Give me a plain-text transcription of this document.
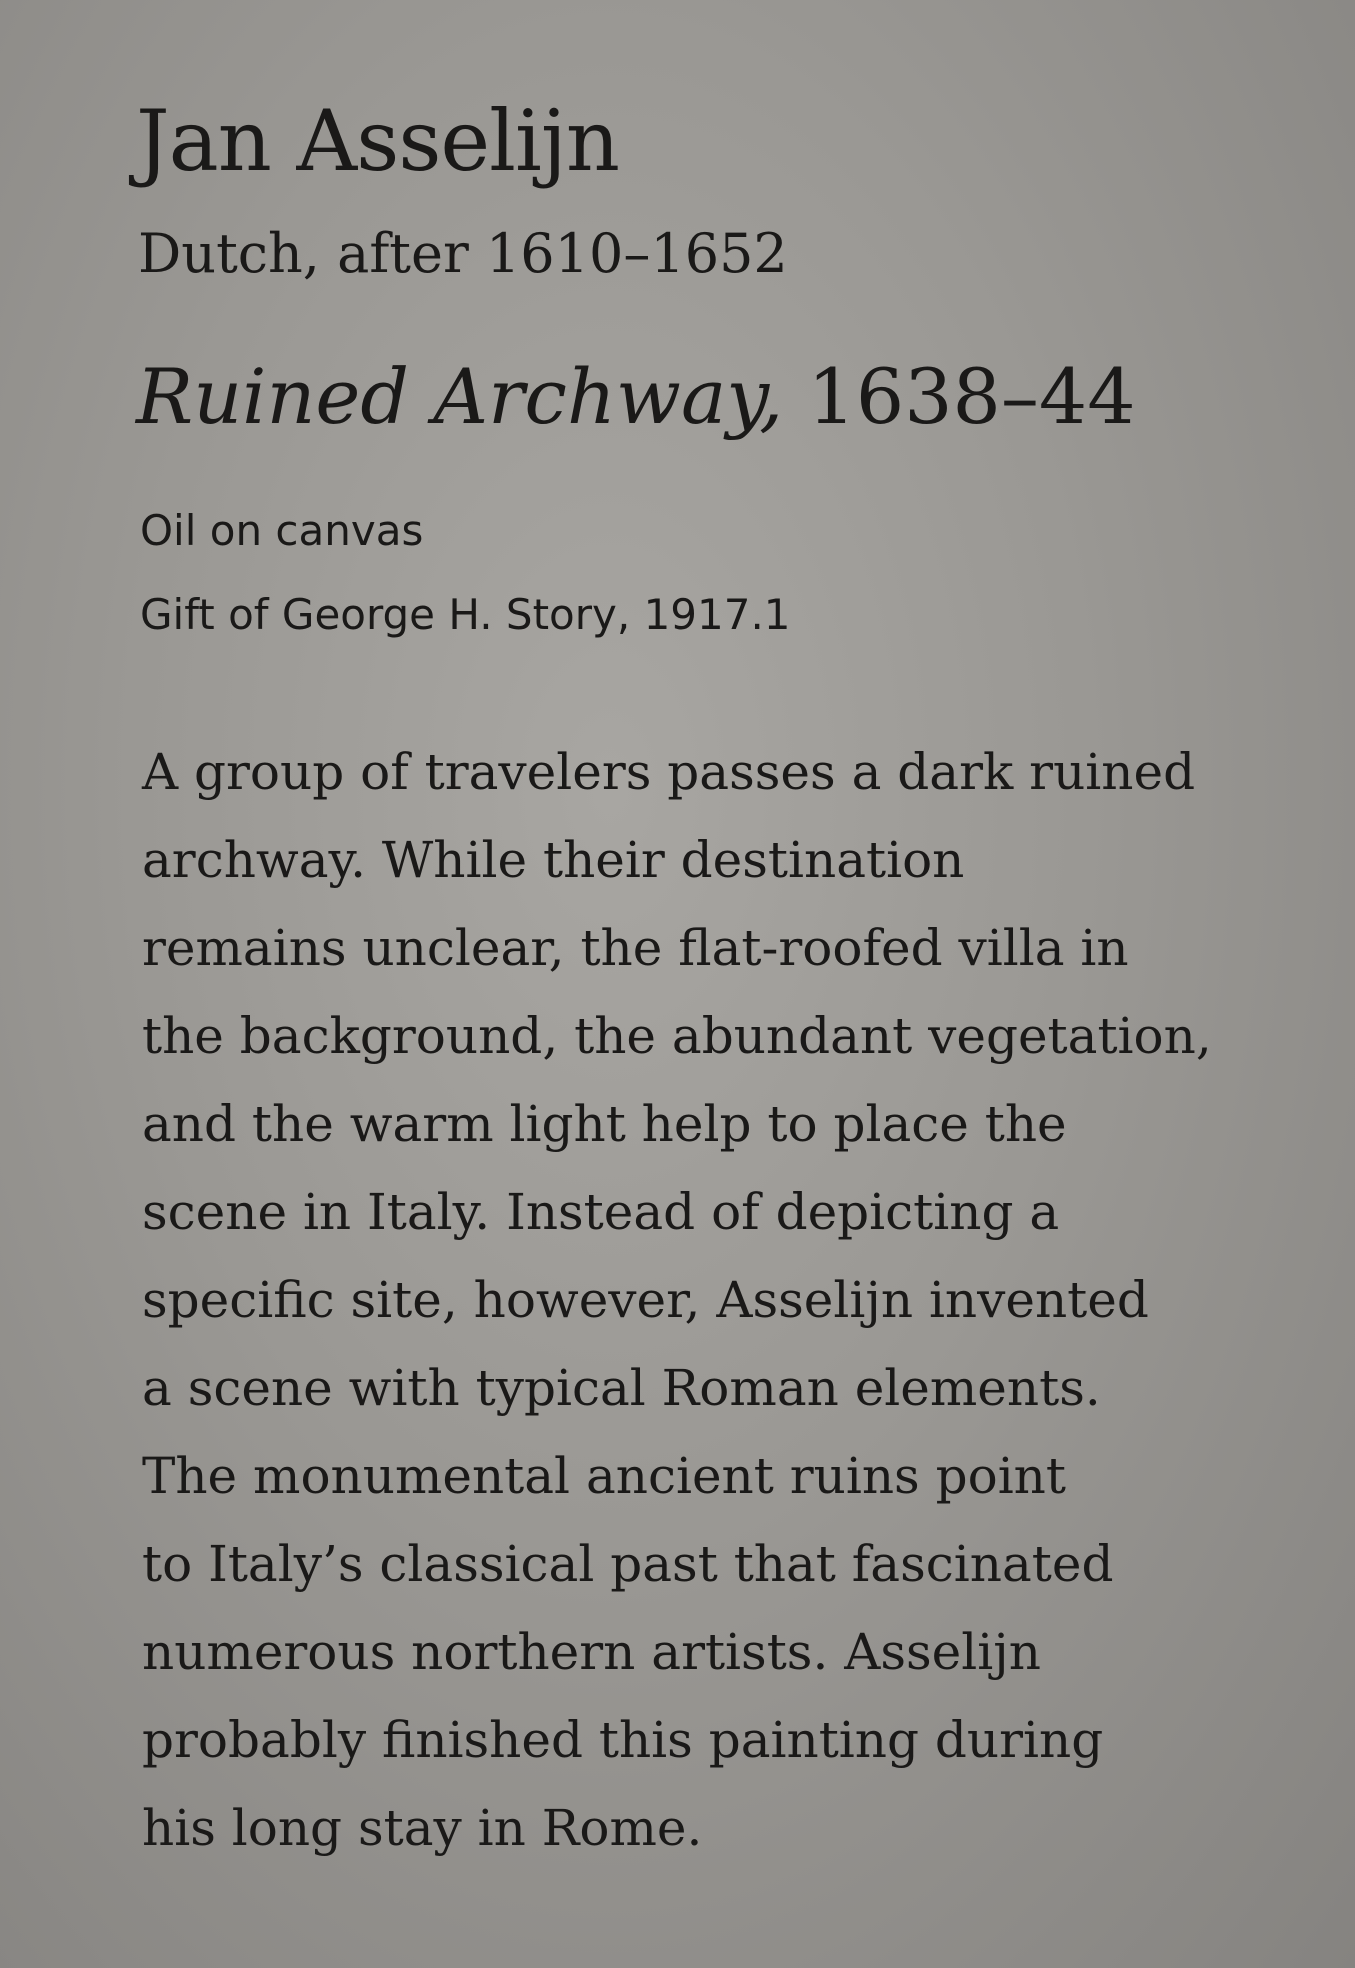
Jan Asselijn
Dutch, after 1610–1652
Ruined Archway, 1638–44
Oil on canvas
Gift of George H. Story, 1917.1
A group of travelers passes a dark ruined
archway. While their destination
remains unclear, the flat-roofed villa in
the background, the abundant vegetation,
and the warm light help to place the
scene in Italy. Instead of depicting a
specific site, however, Asselijn invented
a scene with typical Roman elements.
The monumental ancient ruins point
to Italy’s classical past that fascinated
numerous northern artists. Asselijn
probably finished this painting during
his long stay in Rome.
